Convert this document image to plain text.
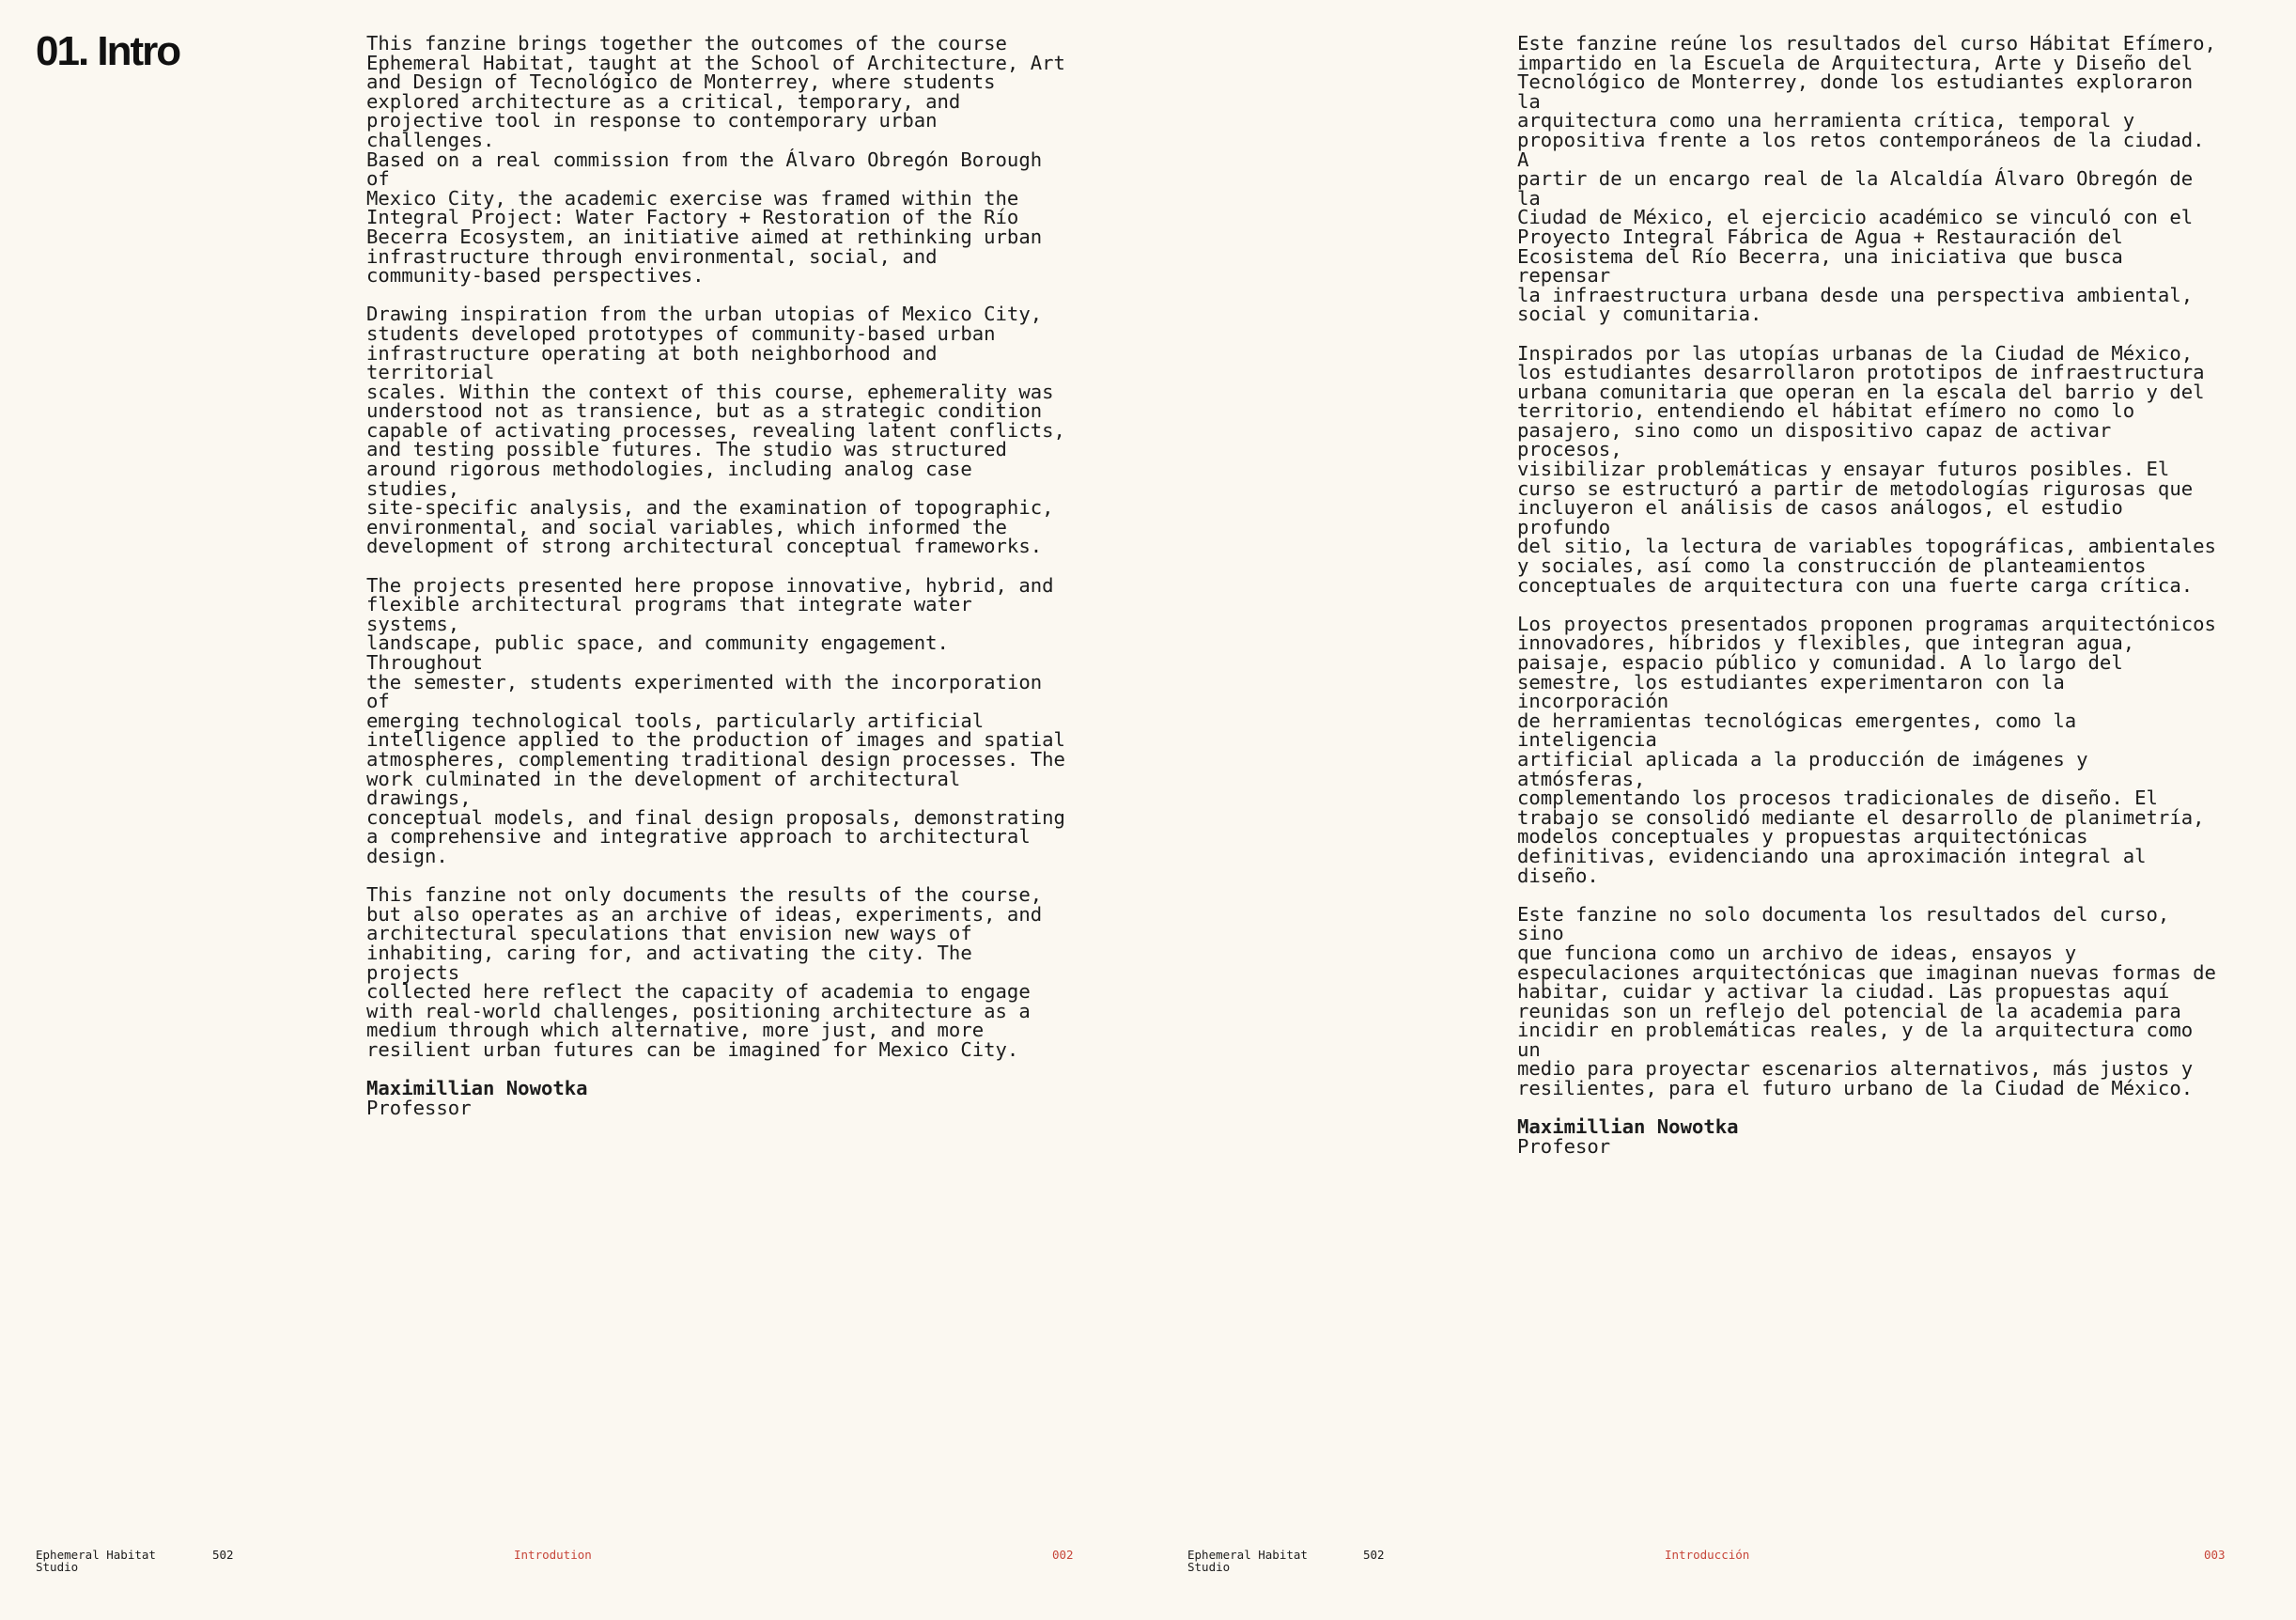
01. Intro	This fanzine brings together the outcomes of the course
Ephemeral Habitat, taught at the School of Architecture, Art
and Design of Tecnológico de Monterrey, where students
explored architecture as a critical, temporary, and
projective tool in response to contemporary urban challenges.
Based on a real commission from the Álvaro Obregón Borough of
Mexico City, the academic exercise was framed within the
Integral Project: Water Factory + Restoration of the Río
Becerra Ecosystem, an initiative aimed at rethinking urban
infrastructure through environmental, social, and
community-based perspectives.

Drawing inspiration from the urban utopias of Mexico City,
students developed prototypes of community-based urban
infrastructure operating at both neighborhood and territorial
scales. Within the context of this course, ephemerality was
understood not as transience, but as a strategic condition
capable of activating processes, revealing latent conflicts,
and testing possible futures. The studio was structured
around rigorous methodologies, including analog case studies,
site-specific analysis, and the examination of topographic,
environmental, and social variables, which informed the
development of strong architectural conceptual frameworks.

The projects presented here propose innovative, hybrid, and
flexible architectural programs that integrate water systems,
landscape, public space, and community engagement. Throughout
the semester, students experimented with the incorporation of
emerging technological tools, particularly artificial
intelligence applied to the production of images and spatial
atmospheres, complementing traditional design processes. The
work culminated in the development of architectural drawings,
conceptual models, and final design proposals, demonstrating
a comprehensive and integrative approach to architectural
design.

This fanzine not only documents the results of the course,
but also operates as an archive of ideas, experiments, and
architectural speculations that envision new ways of
inhabiting, caring for, and activating the city. The projects
collected here reflect the capacity of academia to engage
with real-world challenges, positioning architecture as a
medium through which alternative, more just, and more
resilient urban futures can be imagined for Mexico City.

Maximillian Nowotka
Professor

Este fanzine reúne los resultados del curso Hábitat Efímero,
impartido en la Escuela de Arquitectura, Arte y Diseño del
Tecnológico de Monterrey, donde los estudiantes exploraron la
arquitectura como una herramienta crítica, temporal y
propositiva frente a los retos contemporáneos de la ciudad. A
partir de un encargo real de la Alcaldía Álvaro Obregón de la
Ciudad de México, el ejercicio académico se vinculó con el
Proyecto Integral Fábrica de Agua + Restauración del
Ecosistema del Río Becerra, una iniciativa que busca repensar
la infraestructura urbana desde una perspectiva ambiental,
social y comunitaria.

Inspirados por las utopías urbanas de la Ciudad de México,
los estudiantes desarrollaron prototipos de infraestructura
urbana comunitaria que operan en la escala del barrio y del
territorio, entendiendo el hábitat efímero no como lo
pasajero, sino como un dispositivo capaz de activar procesos,
visibilizar problemáticas y ensayar futuros posibles. El
curso se estructuró a partir de metodologías rigurosas que
incluyeron el análisis de casos análogos, el estudio profundo
del sitio, la lectura de variables topográficas, ambientales
y sociales, así como la construcción de planteamientos
conceptuales de arquitectura con una fuerte carga crítica.

Los proyectos presentados proponen programas arquitectónicos
innovadores, híbridos y flexibles, que integran agua,
paisaje, espacio público y comunidad. A lo largo del
semestre, los estudiantes experimentaron con la incorporación
de herramientas tecnológicas emergentes, como la inteligencia
artificial aplicada a la producción de imágenes y atmósferas,
complementando los procesos tradicionales de diseño. El
trabajo se consolidó mediante el desarrollo de planimetría,
modelos conceptuales y propuestas arquitectónicas
definitivas, evidenciando una aproximación integral al
diseño.

Este fanzine no solo documenta los resultados del curso, sino
que funciona como un archivo de ideas, ensayos y
especulaciones arquitectónicas que imaginan nuevas formas de
habitar, cuidar y activar la ciudad. Las propuestas aquí
reunidas son un reflejo del potencial de la academia para
incidir en problemáticas reales, y de la arquitectura como un
medio para proyectar escenarios alternativos, más justos y
resilientes, para el futuro urbano de la Ciudad de México.

Maximillian Nowotka
Profesor
Ephemeral Habitat Studio
502	Introdution	002	Ephemeral Habitat Studio
502	Introducción	003
